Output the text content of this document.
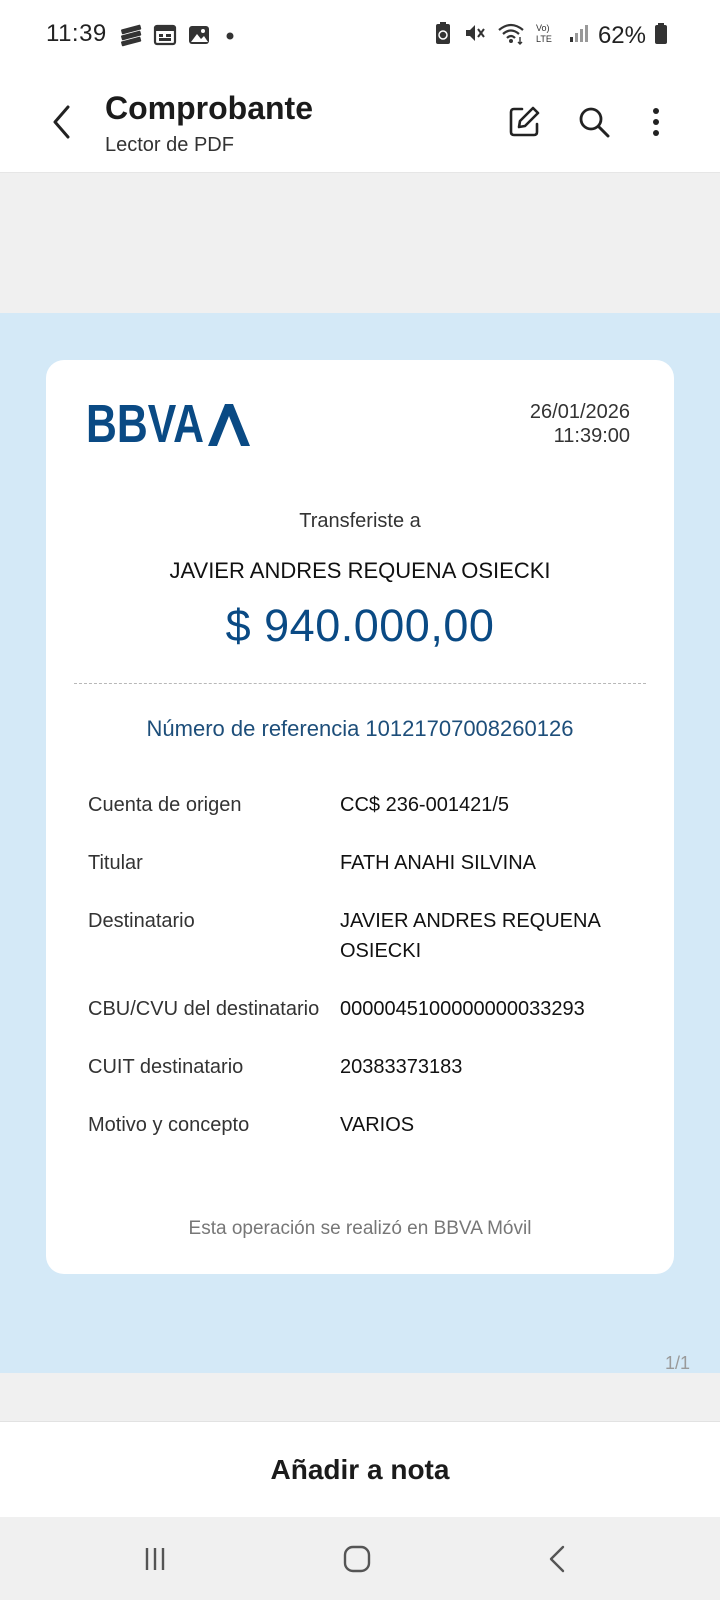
11:39	Vo)
LTE 62%
Comprobante
Lector de PDF
BBVA	26/01/2026
11:39:00
Transferiste a
JAVIER ANDRES REQUENA OSIECKI
$ 940.000,00
Número de referencia 10121707008260126
Cuenta de origen	CC$ 236-001421/5
Titular	FATH ANAHI SILVINA
Destinatario	JAVIER ANDRES REQUENA OSIECKI
CBU/CVU del destinatario	0000045100000000033293
CUIT destinatario	20383373183
Motivo y concepto	VARIOS
Esta operación se realizó en BBVA Móvil
1/1
Añadir a nota
